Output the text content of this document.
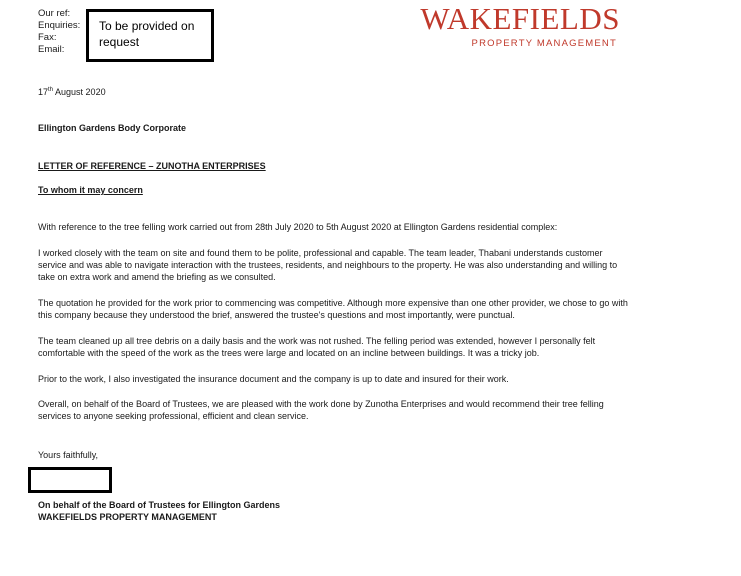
Our ref:
Enquiries:
Fax:
Email:
To be provided on request
WAKEFIELDS
PROPERTY MANAGEMENT
17th August 2020
Ellington Gardens Body Corporate
LETTER OF REFERENCE – ZUNOTHA ENTERPRISES
To whom it may concern
With reference to the tree felling work carried out from 28th July 2020 to 5th August 2020 at Ellington Gardens residential complex:
I worked closely with the team on site and found them to be polite, professional and capable. The team leader, Thabani understands customer service and was able to navigate interaction with the trustees, residents, and neighbours to the property. He was also understanding and willing to take on extra work and amend the briefing as we consulted.
The quotation he provided for the work prior to commencing was competitive. Although more expensive than one other provider, we chose to go with this company because they understood the brief, answered the trustee's questions and most importantly, were punctual.
The team cleaned up all tree debris on a daily basis and the work was not rushed. The felling period was extended, however I personally felt comfortable with the speed of the work as the trees were large and located on an incline between buildings. It was a tricky job.
Prior to the work, I also investigated the insurance document and the company is up to date and insured for their work.
Overall, on behalf of the Board of Trustees, we are pleased with the work done by Zunotha Enterprises and would recommend their tree felling services to anyone seeking professional, efficient and clean service.
Yours faithfully,
On behalf of the Board of Trustees for Ellington Gardens
WAKEFIELDS PROPERTY MANAGEMENT
